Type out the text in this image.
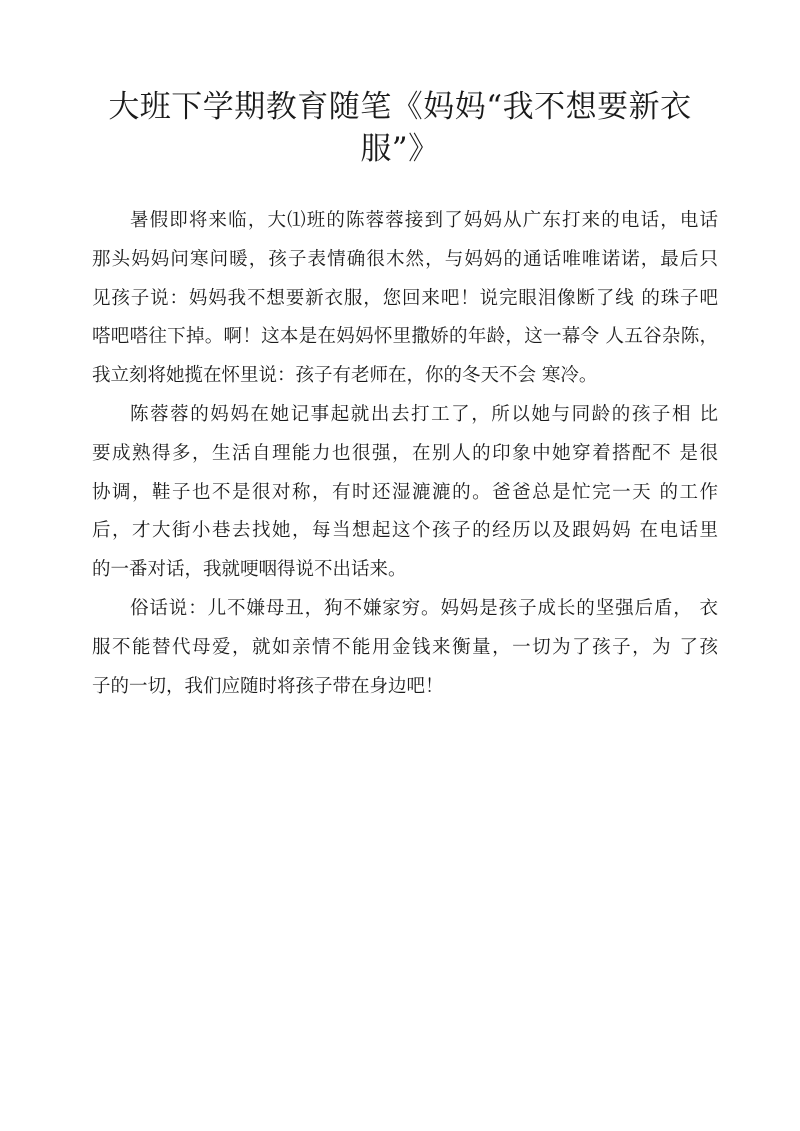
大班下学期教育随笔《妈妈“我不想要新衣
服”》
暑假即将来临，大⑴班的陈蓉蓉接到了妈妈从广东打来的电话，电话
那头妈妈问寒问暖，孩子表情确很木然，与妈妈的通话唯唯诺诺，最后只
见孩子说：妈妈我不想要新衣服，您回来吧！说完眼泪像断了线 的珠子吧
嗒吧嗒往下掉。啊！这本是在妈妈怀里撒娇的年龄，这一幕令 人五谷杂陈，
我立刻将她揽在怀里说：孩子有老师在，你的冬天不会 寒冷。
陈蓉蓉的妈妈在她记事起就出去打工了，所以她与同龄的孩子相 比
要成熟得多，生活自理能力也很强，在别人的印象中她穿着搭配不 是很
协调，鞋子也不是很对称，有时还湿漉漉的。爸爸总是忙完一天 的工作
后，才大街小巷去找她，每当想起这个孩子的经历以及跟妈妈 在电话里
的一番对话，我就哽咽得说不出话来。
俗话说：儿不嫌母丑，狗不嫌家穷。妈妈是孩子成长的坚强后盾， 衣
服不能替代母爱，就如亲情不能用金钱来衡量，一切为了孩子，为 了孩
子的一切，我们应随时将孩子带在身边吧！
